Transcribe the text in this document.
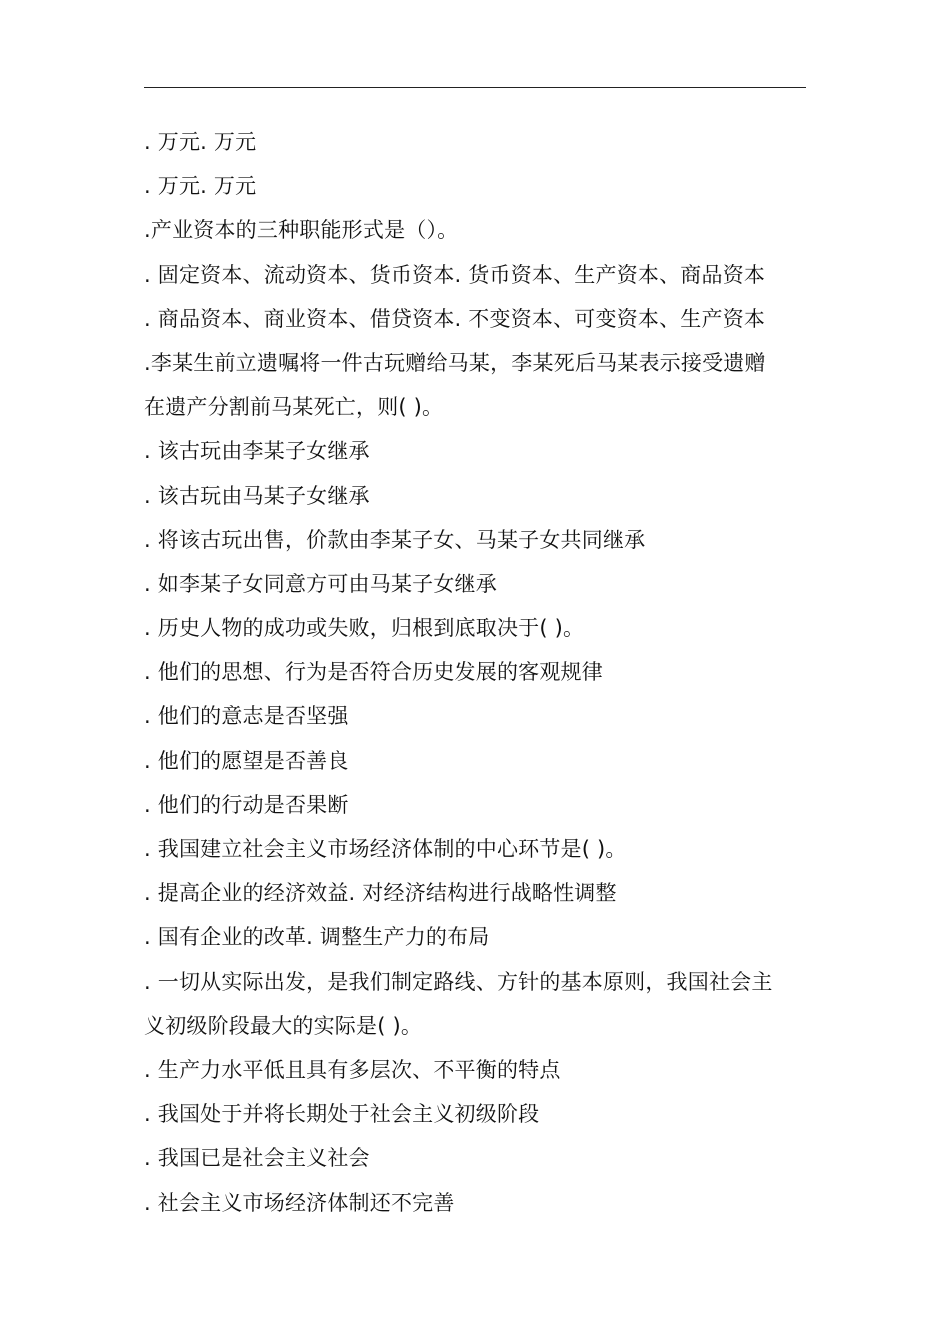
. 万元. 万元
. 万元. 万元
.产业资本的三种职能形式是（）。
. 固定资本、流动资本、货币资本. 货币资本、生产资本、商品资本
. 商品资本、商业资本、借贷资本. 不变资本、可变资本、生产资本
.李某生前立遗嘱将一件古玩赠给马某，李某死后马某表示接受遗赠
在遗产分割前马某死亡，则( )。
. 该古玩由李某子女继承
. 该古玩由马某子女继承
. 将该古玩出售，价款由李某子女、马某子女共同继承
. 如李某子女同意方可由马某子女继承
. 历史人物的成功或失败，归根到底取决于( )。
. 他们的思想、行为是否符合历史发展的客观规律
. 他们的意志是否坚强
. 他们的愿望是否善良
. 他们的行动是否果断
. 我国建立社会主义市场经济体制的中心环节是( )。
. 提高企业的经济效益. 对经济结构进行战略性调整
. 国有企业的改革. 调整生产力的布局
. 一切从实际出发，是我们制定路线、方针的基本原则，我国社会主
义初级阶段最大的实际是( )。
. 生产力水平低且具有多层次、不平衡的特点
. 我国处于并将长期处于社会主义初级阶段
. 我国已是社会主义社会
. 社会主义市场经济体制还不完善
